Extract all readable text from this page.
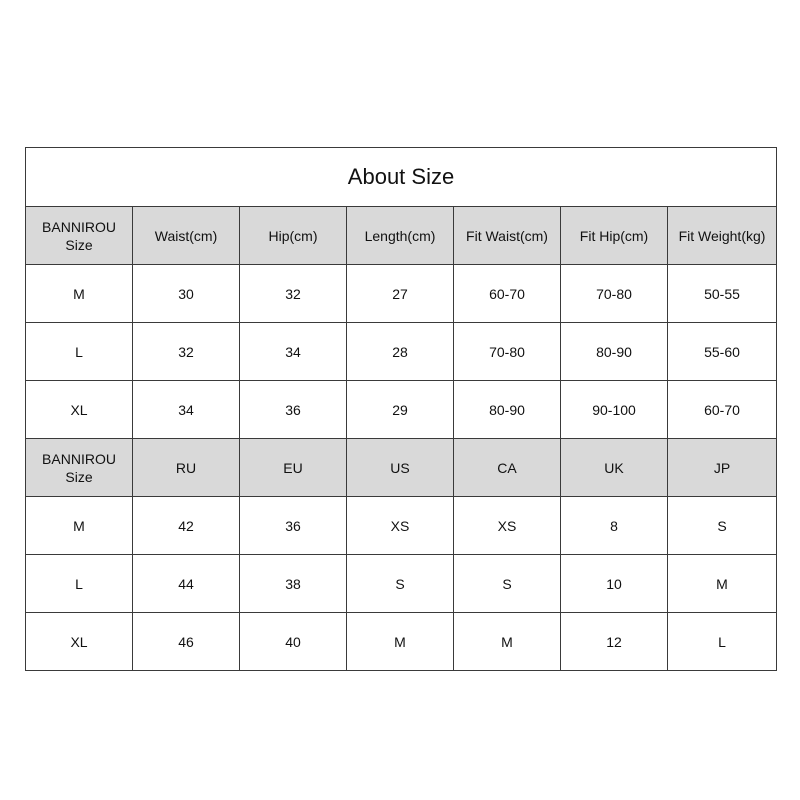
About Size						
BANNIROU
Size	Waist(cm)	Hip(cm)	Length(cm)	Fit Waist(cm)	Fit Hip(cm)	Fit Weight(kg)
M	30	32	27	60-70	70-80	50-55
L	32	34	28	70-80	80-90	55-60
XL	34	36	29	80-90	90-100	60-70
BANNIROU
Size	RU	EU	US	CA	UK	JP
M	42	36	XS	XS	8	S
L	44	38	S	S	10	M
XL	46	40	M	M	12	L
